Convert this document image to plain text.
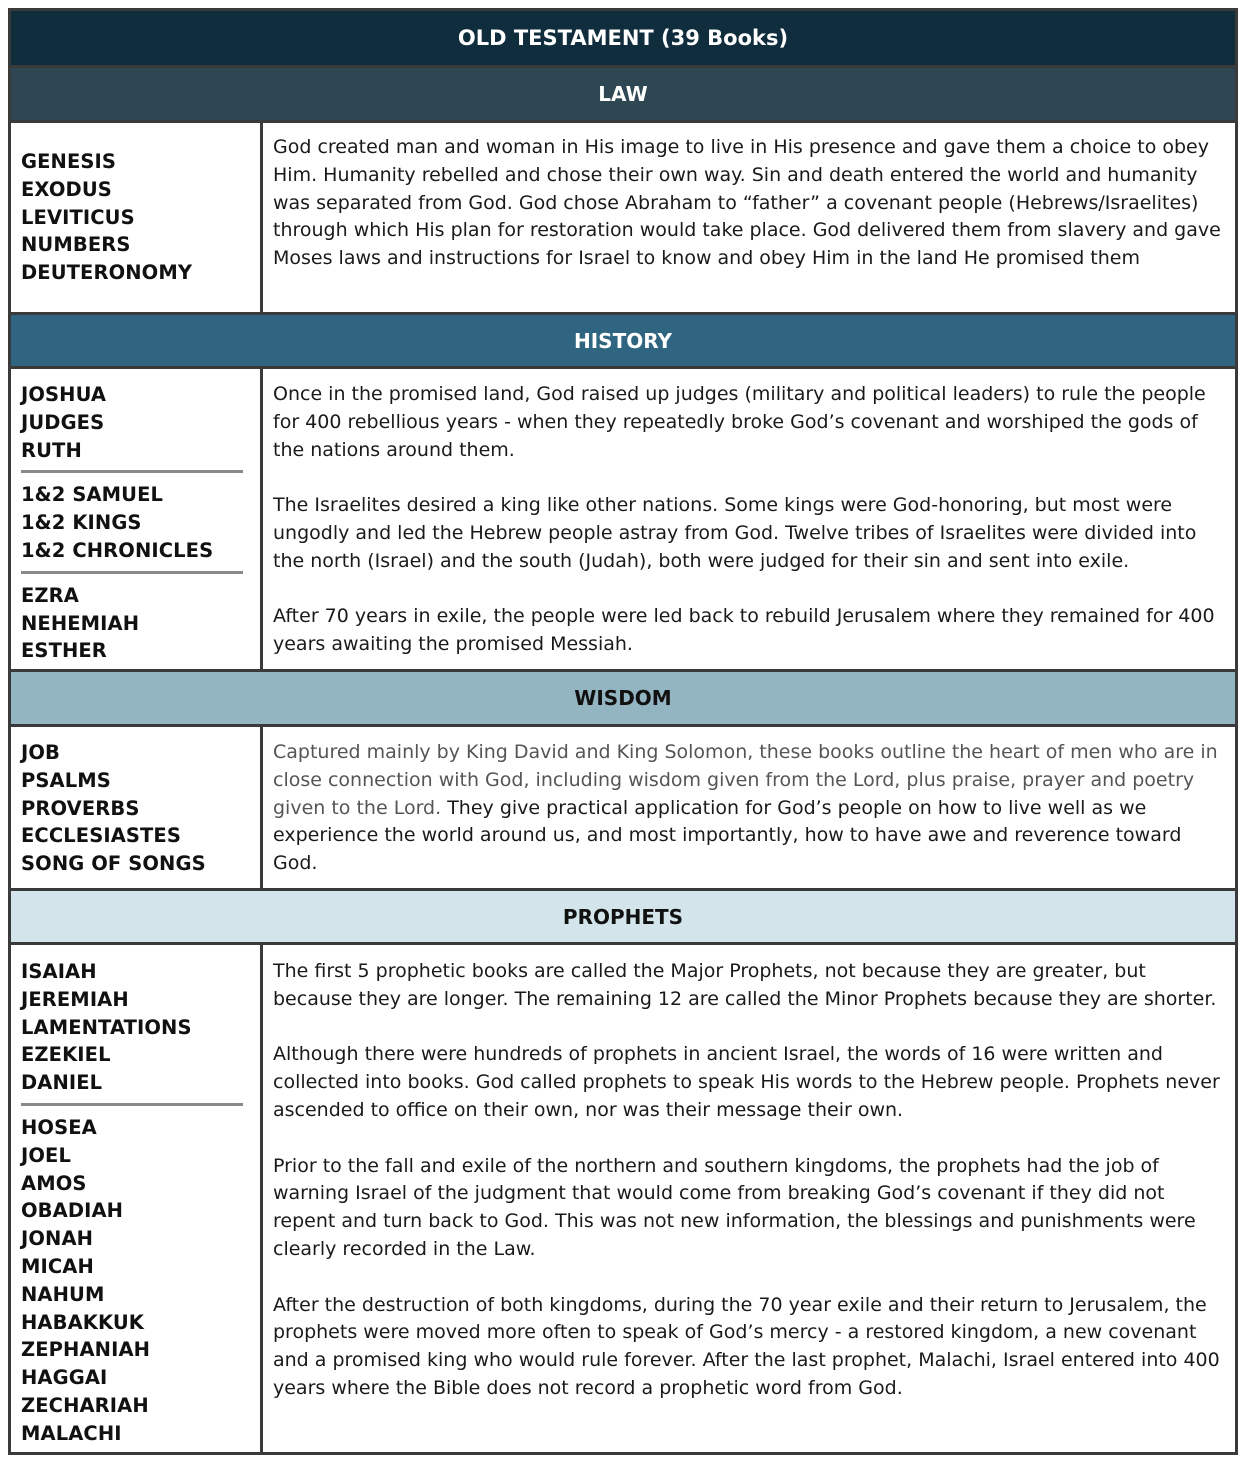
OLD TESTAMENT (39 Books)
LAW
GENESIS
EXODUS
LEVITICUS
NUMBERS
DEUTERONOMY

God created man and woman in His image to live in His presence and gave them a choice to obey Him. Humanity rebelled and chose their own way. Sin and death entered the world and humanity was separated from God. God chose Abraham to “father” a covenant people (Hebrews/Israelites) through which His plan for restoration would take place. God delivered them from slavery and gave Moses laws and instructions for Israel to know and obey Him in the land He promised them

HISTORY
JOSHUA
JUDGES
RUTH
1&2 SAMUEL
1&2 KINGS
1&2 CHRONICLES
EZRA
NEHEMIAH
ESTHER

Once in the promised land, God raised up judges (military and political leaders) to rule the people for 400 rebellious years - when they repeatedly broke God’s covenant and worshiped the gods of the nations around them.

The Israelites desired a king like other nations. Some kings were God-honoring, but most were ungodly and led the Hebrew people astray from God. Twelve tribes of Israelites were divided into the north (Israel) and the south (Judah), both were judged for their sin and sent into exile.

After 70 years in exile, the people were led back to rebuild Jerusalem where they remained for 400 years awaiting the promised Messiah.

WISDOM
JOB
PSALMS
PROVERBS
ECCLESIASTES
SONG OF SONGS

Captured mainly by King David and King Solomon, these books outline the heart of men who are in close connection with God, including wisdom given from the Lord, plus praise, prayer and poetry given to the Lord. They give practical application for God’s people on how to live well as we experience the world around us, and most importantly, how to have awe and reverence toward God.

PROPHETS
ISAIAH
JEREMIAH
LAMENTATIONS
EZEKIEL
DANIEL
HOSEA
JOEL
AMOS
OBADIAH
JONAH
MICAH
NAHUM
HABAKKUK
ZEPHANIAH
HAGGAI
ZECHARIAH
MALACHI

The first 5 prophetic books are called the Major Prophets, not because they are greater, but because they are longer. The remaining 12 are called the Minor Prophets because they are shorter.

Although there were hundreds of prophets in ancient Israel, the words of 16 were written and collected into books. God called prophets to speak His words to the Hebrew people. Prophets never ascended to office on their own, nor was their message their own.

Prior to the fall and exile of the northern and southern kingdoms, the prophets had the job of warning Israel of the judgment that would come from breaking God’s covenant if they did not repent and turn back to God. This was not new information, the blessings and punishments were clearly recorded in the Law.

After the destruction of both kingdoms, during the 70 year exile and their return to Jerusalem, the prophets were moved more often to speak of God’s mercy - a restored kingdom, a new covenant and a promised king who would rule forever. After the last prophet, Malachi, Israel entered into 400 years where the Bible does not record a prophetic word from God.
